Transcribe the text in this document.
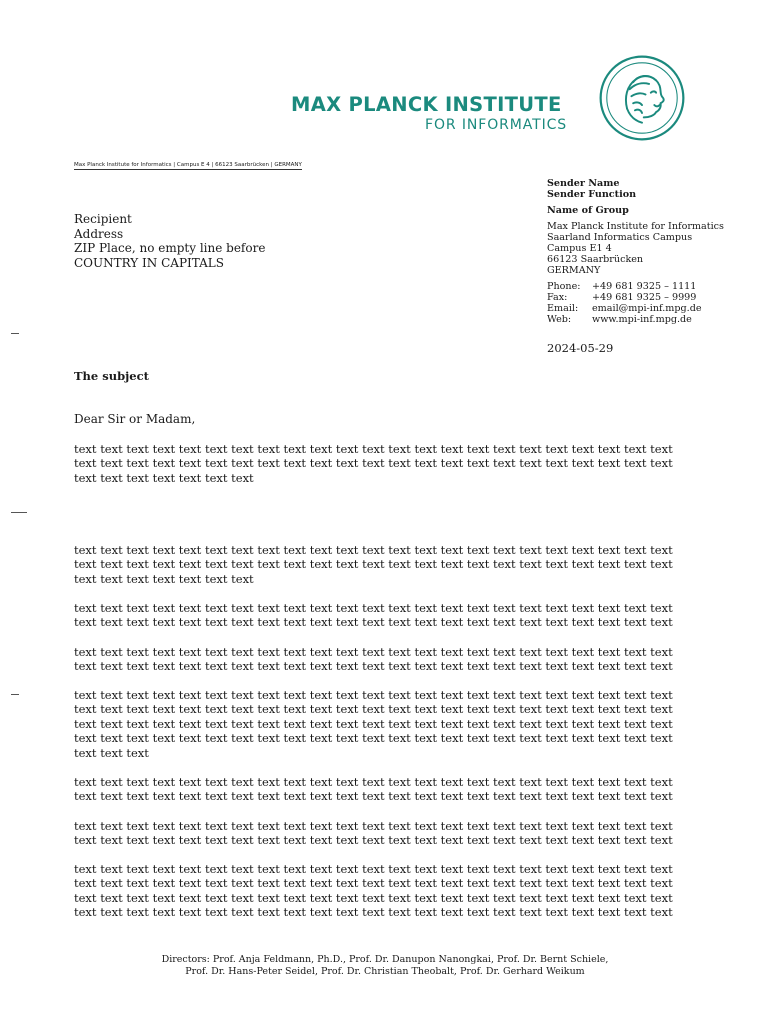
MAX PLANCK INSTITUTE
FOR INFORMATICS
Max Planck Institute for Informatics | Campus E 4 | 66123 Saarbrücken | GERMANY
Recipient
Address
ZIP Place, no empty line before
COUNTRY IN CAPITALS
Sender Name
Sender Function
Name of Group
Max Planck Institute for Informatics
Saarland Informatics Campus
Campus E1 4
66123 Saarbrücken
GERMANY
Phone:	+49 681 9325 – 1111
Fax:	+49 681 9325 – 9999
Email:	email@mpi-inf.mpg.de
Web:	www.mpi-inf.mpg.de
2024-05-29
The subject
Dear Sir or Madam,
text text text text text text text text text text text text text text text text text text text text text text text
text text text text text text text text text text text text text text text text text text text text text text text
text text text text text text text
text text text text text text text text text text text text text text text text text text text text text text text
text text text text text text text text text text text text text text text text text text text text text text text
text text text text text text text
text text text text text text text text text text text text text text text text text text text text text text text
text text text text text text text text text text text text text text text text text text text text text text text
text text text text text text text text text text text text text text text text text text text text text text text
text text text text text text text text text text text text text text text text text text text text text text text
text text text text text text text text text text text text text text text text text text text text text text text
text text text text text text text text text text text text text text text text text text text text text text text
text text text text text text text text text text text text text text text text text text text text text text text
text text text text text text text text text text text text text text text text text text text text text text text
text text text
text text text text text text text text text text text text text text text text text text text text text text text
text text text text text text text text text text text text text text text text text text text text text text text
text text text text text text text text text text text text text text text text text text text text text text text
text text text text text text text text text text text text text text text text text text text text text text text
text text text text text text text text text text text text text text text text text text text text text text text
text text text text text text text text text text text text text text text text text text text text text text text
text text text text text text text text text text text text text text text text text text text text text text text
text text text text text text text text text text text text text text text text text text text text text text text
Directors: Prof. Anja Feldmann, Ph.D., Prof. Dr. Danupon Nanongkai, Prof. Dr. Bernt Schiele,
Prof. Dr. Hans-Peter Seidel, Prof. Dr. Christian Theobalt, Prof. Dr. Gerhard Weikum
